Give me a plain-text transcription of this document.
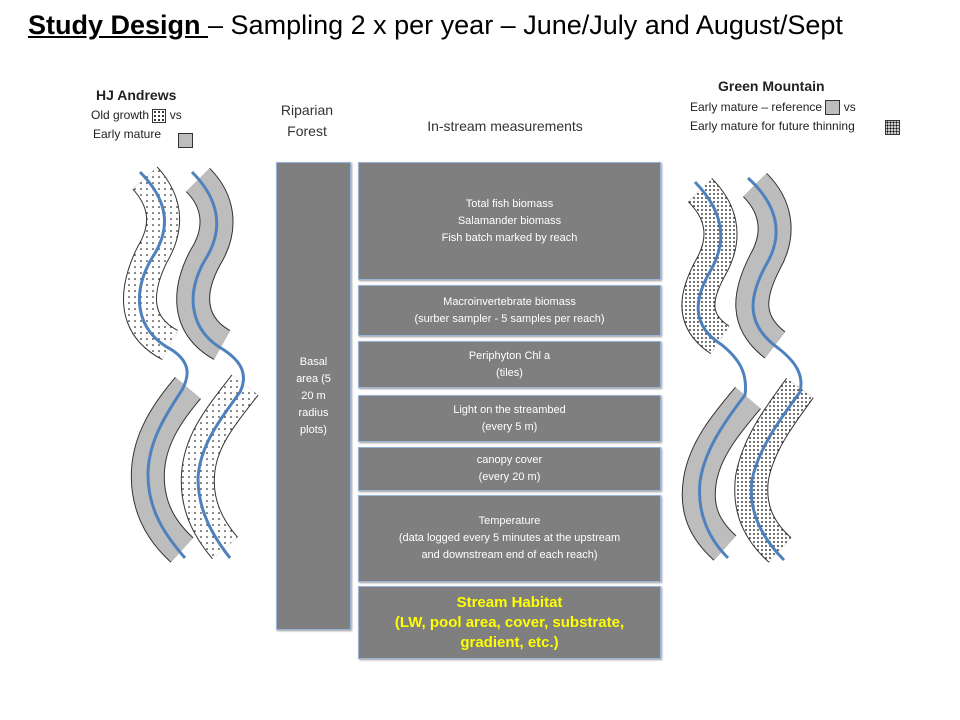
Study Design – Sampling 2 x per year – June/July and August/Sept
HJ Andrews
Old growth vs
Early mature
Green Mountain
Early mature – reference vs
Early mature for future thinning
Riparian
Forest	In-stream measurements
Basal
area (5
20 m
radius
plots)
Total fish biomass
Salamander biomass
Fish batch marked by reach
Macroinvertebrate biomass
(surber sampler - 5 samples per reach)
Periphyton Chl a
(tiles)
Light on the streambed
(every 5 m)
canopy cover
(every 20 m)
Temperature
(data logged every 5 minutes at the upstream
and downstream end of each reach)
Stream Habitat
(LW, pool area, cover, substrate,
gradient, etc.)
